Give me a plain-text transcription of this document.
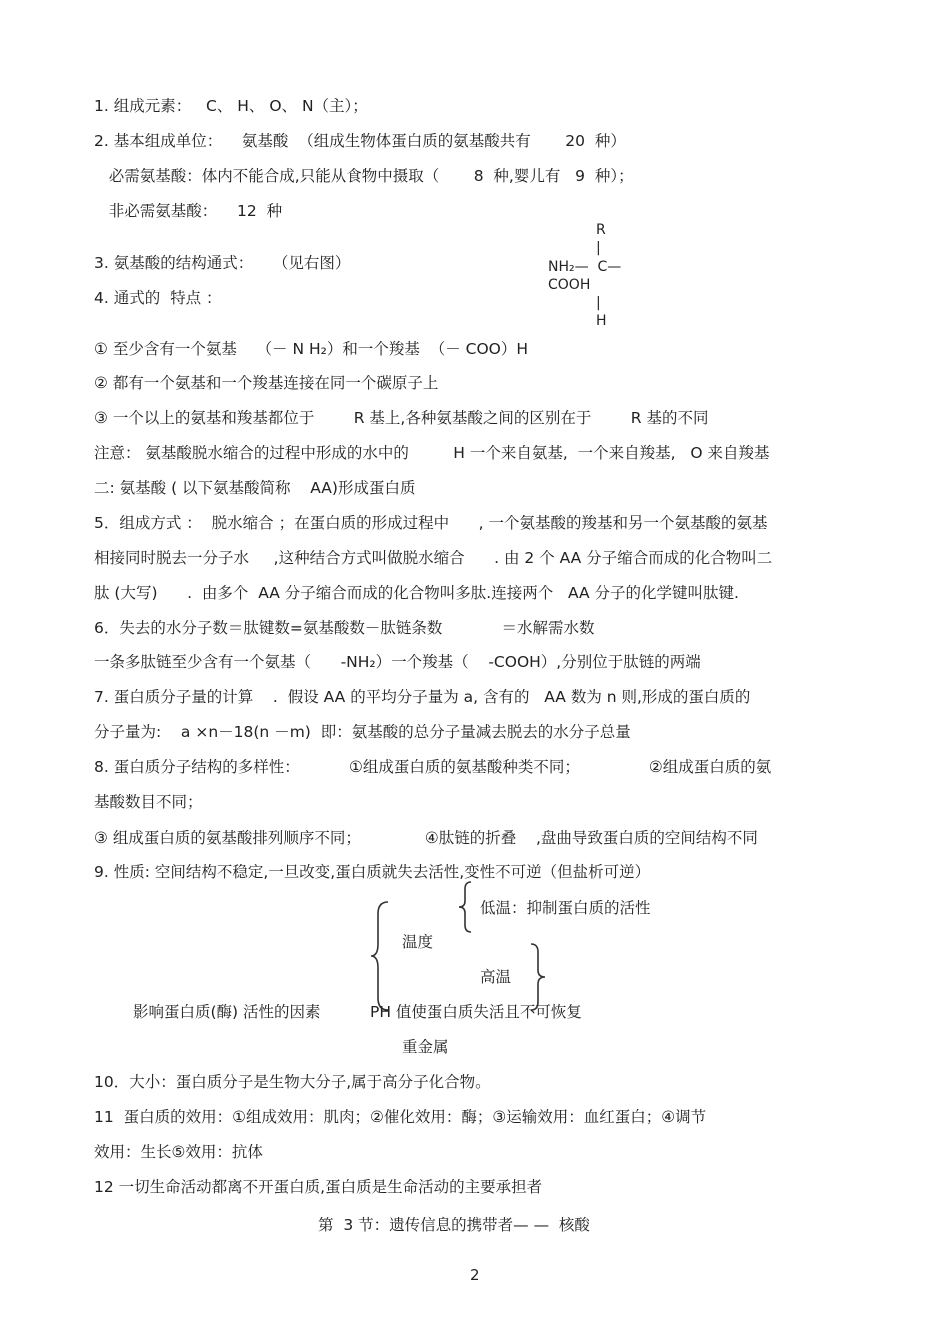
1. 组成元素：   C、 H、 O、 N（主）；
2. 基本组成单位：    氨基酸  （组成生物体蛋白质的氨基酸共有       20  种）
必需氨基酸：体内不能合成,只能从食物中摄取（       8  种,婴儿有   9  种）；
非必需氨基酸：    12  种
R
|
NH₂—  C—
COOH
|
H
3. 氨基酸的结构通式：    （见右图）
4. 通式的  特点 ：
① 至少含有一个氨基    （－ N H₂）和一个羧基  （－ COO）H
② 都有一个氨基和一个羧基连接在同一个碳原子上
③ 一个以上的氨基和羧基都位于        R 基上,各种氨基酸之间的区别在于        R 基的不同
注意： 氨基酸脱水缩合的过程中形成的水中的         H 一个来自氨基,  一个来自羧基,   O 来自羧基
二: 氨基酸 ( 以下氨基酸简称    AA)形成蛋白质
5．组成方式 ：  脱水缩合 ；在蛋白质的形成过程中      , 一个氨基酸的羧基和另一个氨基酸的氨基
相接同时脱去一分子水     ,这种结合方式叫做脱水缩合      . 由 2 个 AA 分子缩合而成的化合物叫二
肽 (大写)      .  由多个  AA 分子缩合而成的化合物叫多肽.连接两个   AA 分子的化学键叫肽键.
6．失去的水分子数＝肽键数=氨基酸数－肽链条数            ＝水解需水数
一条多肽链至少含有一个氨基（      -NH₂）一个羧基（    -COOH）,分别位于肽链的两端
7. 蛋白质分子量的计算    .  假设 AA 的平均分子量为 a, 含有的   AA 数为 n 则,形成的蛋白质的
分子量为:    a ×n－18(n －m)  即：氨基酸的总分子量减去脱去的水分子总量
8. 蛋白质分子结构的多样性：          ①组成蛋白质的氨基酸种类不同；              ②组成蛋白质的氨
基酸数目不同；
③ 组成蛋白质的氨基酸排列顺序不同；             ④肽链的折叠    ,盘曲导致蛋白质的空间结构不同
9. 性质: 空间结构不稳定,一旦改变,蛋白质就失去活性,变性不可逆（但盐析可逆）
低温：抑制蛋白质的活性
温度
高温
影响蛋白质(酶) 活性的因素	PH 值使蛋白质失活且不可恢复
重金属
10．大小：蛋白质分子是生物大分子,属于高分子化合物。
11  蛋白质的效用：①组成效用：肌肉；②催化效用：酶；③运输效用：血红蛋白；④调节
效用：生长⑤效用：抗体
12 一切生命活动都离不开蛋白质,蛋白质是生命活动的主要承担者
第  3 节：遗传信息的携带者— —  核酸
2
